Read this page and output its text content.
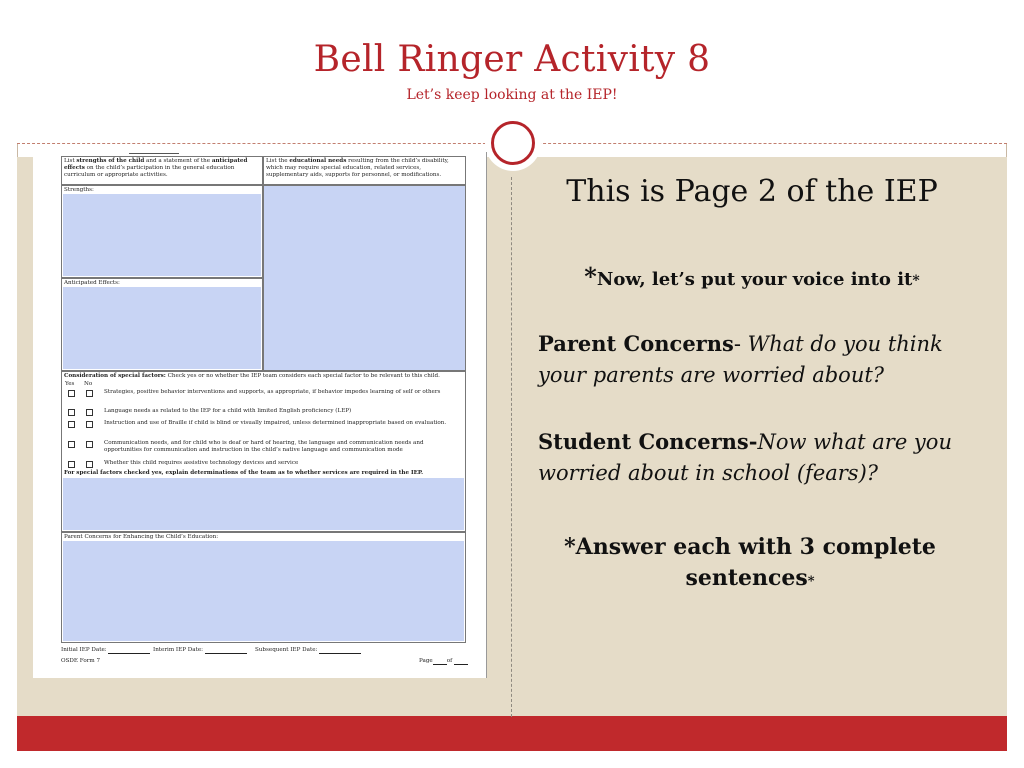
Bell Ringer Activity 8
Let’s keep looking at the IEP!
List strengths of the child and a statement of the anticipated effects on the child’s participation in the general education curriculum or appropriate activities.
List the educational needs resulting from the child’s disability, which may require special education, related services, supplementary aids, supports for personnel, or modifications.
Strengths:
Anticipated Effects:
Consideration of special factors: Check yes or no whether the IEP team considers each special factor to be relevant to this child.
Yes No
Strategies, positive behavior interventions and supports, as appropriate, if behavior impedes learning of self or others
Language needs as related to the IEP for a child with limited English proficiency (LEP)
Instruction and use of Braille if child is blind or visually impaired, unless determined inappropriate based on evaluation.
Communication needs, and for child who is deaf or hard of hearing, the language and communication needs and opportunities for communication and instruction in the child’s native language and communication mode
Whether this child requires assistive technology devices and service
For special factors checked yes, explain determinations of the team as to whether services are required in the IEP.
Parent Concerns for Enhancing the Child’s Education:
Initial IEP Date:	Interim IEP Date:	Subsequent IEP Date:
OSDE Form 7	Page	of
This is Page 2 of the IEP
*Now, let’s put your voice into it*
Parent Concerns- What do you think your parents are worried about?
Student Concerns-Now what are you worried about in school (fears)?
*Answer each with 3 complete sentences*
